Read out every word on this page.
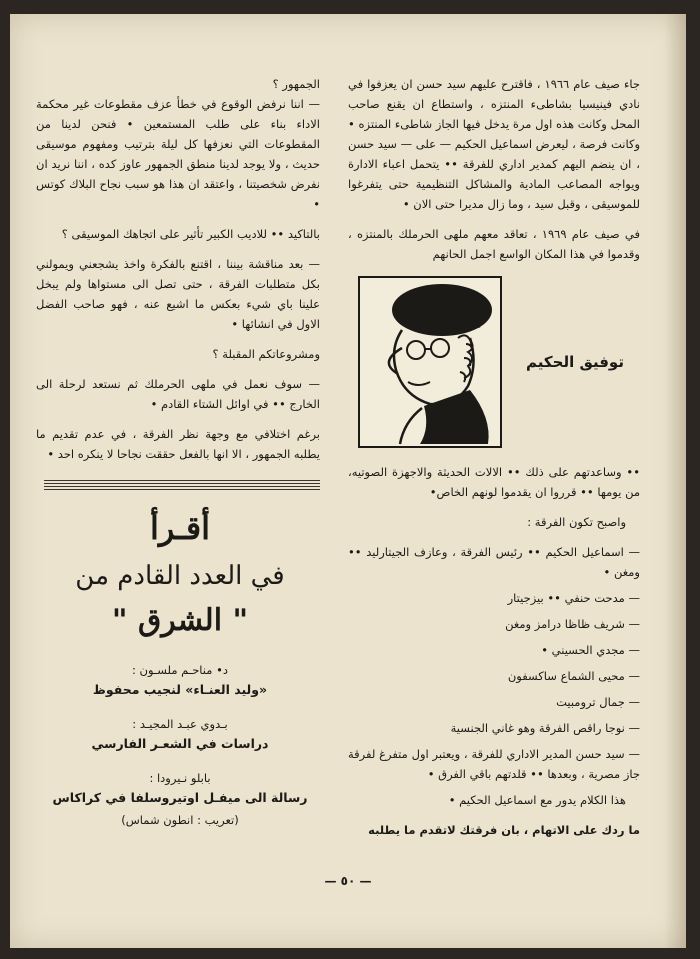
جاء صيف عام ١٩٦٦ ، فاقترح عليهم سيد حسن ان يعزفوا في نادي فينيسيا بشاطىء المنتزه ، واستطاع ان يقنع صاحب المحل وكانت هذه اول مرة يدخل فيها الجاز شاطىء المنتزه • وكانت فرصة ، ليعرض اسماعيل الحكيم — على — سيد حسن ، ان ينضم اليهم كمدير اداري للفرقة •• يتحمل اعباء الادارة ويواجه المصاعب المادية والمشاكل التنظيمية حتى يتفرغوا للموسيقى ، وقبل سيد ، وما زال مديرا حتى الان •

في صيف عام ١٩٦٩ ، تعاقد معهم ملهى الحرملك بالمنتزه ، وقدموا في هذا المكان الواسع اجمل الحانهم

توفيق الحكيم
حسين

•• وساعدتهم على ذلك •• الالات الحديثة والاجهزة الصوتيه، من يومها •• قرروا ان يقدموا لونهم الخاص•

واصبح تكون الفرقة :

— اسماعيل الحكيم •• رئيس الفرقة ، وعازف الجيتارليد •• ومغن •

— مدحت حنفي •• بيزجيتار

— شريف ظاظا درامز ومغن

— مجدي الحسيني •

— محيى الشماع ساكسفون

— جمال ترومبيت

— نوجا راقص الفرقة وهو غاني الجنسية

— سيد حسن المدير الاداري للفرقة ، ويعتبر اول متفرغ لفرقة جاز مصرية ، وبعدها •• قلدتهم باقي الفرق •

هذا الكلام يدور مع اسماعيل الحكيم •

ما ردك على الاتهام ، بان فرقتك لاتقدم ما يطلبه

الجمهور ؟

— اننا نرفض الوقوع في خطأ عزف مقطوعات غير محكمة الاداء بناء على طلب المستمعين • فنحن لدينا من المقطوعات التي نعزفها كل ليلة بترتيب ومفهوم موسيقى حديث ، ولا يوجد لدينا منطق الجمهور عاوز كده ، اننا نريد ان نفرض شخصيتنا ، واعتقد ان هذا هو سبب نجاح البلاك كوتس •

بالتاكيد •• للاديب الكبير تأثير على اتجاهك الموسيقى ؟

— بعد مناقشة بيننا ، اقتنع بالفكرة واخذ يشجعني ويمولني بكل متطلبات الفرقة ، حتى تصل الى مستواها ولم يبخل علينا باي شيء بعكس ما اشيع عنه ، فهو صاحب الفضل الاول في انشائها •

ومشروعاتكم المقبلة ؟

— سوف نعمل في ملهى الحرملك ثم نستعد لرحلة الى الخارج •• في اوائل الشتاء القادم •

برغم اختلافي مع وجهة نظر الفرقة ، في عدم تقديم ما يطلبه الجمهور ، الا انها بالفعل حققت نجاحا لا ينكره احد •

أقـرأ
في العدد القادم من
" الشرق "
د• مناحـم ملسـون :
«وليد العنـاء» لنجيب محفوظ
بـدوي عبـد المجيـد :
دراسات في الشعـر الفارسي
بابلو نـيرودا :
رسالة الى ميفـل اوتيروسلفا في كراكاس
(تعريب : انطون شماس)
— ٥٠ —
